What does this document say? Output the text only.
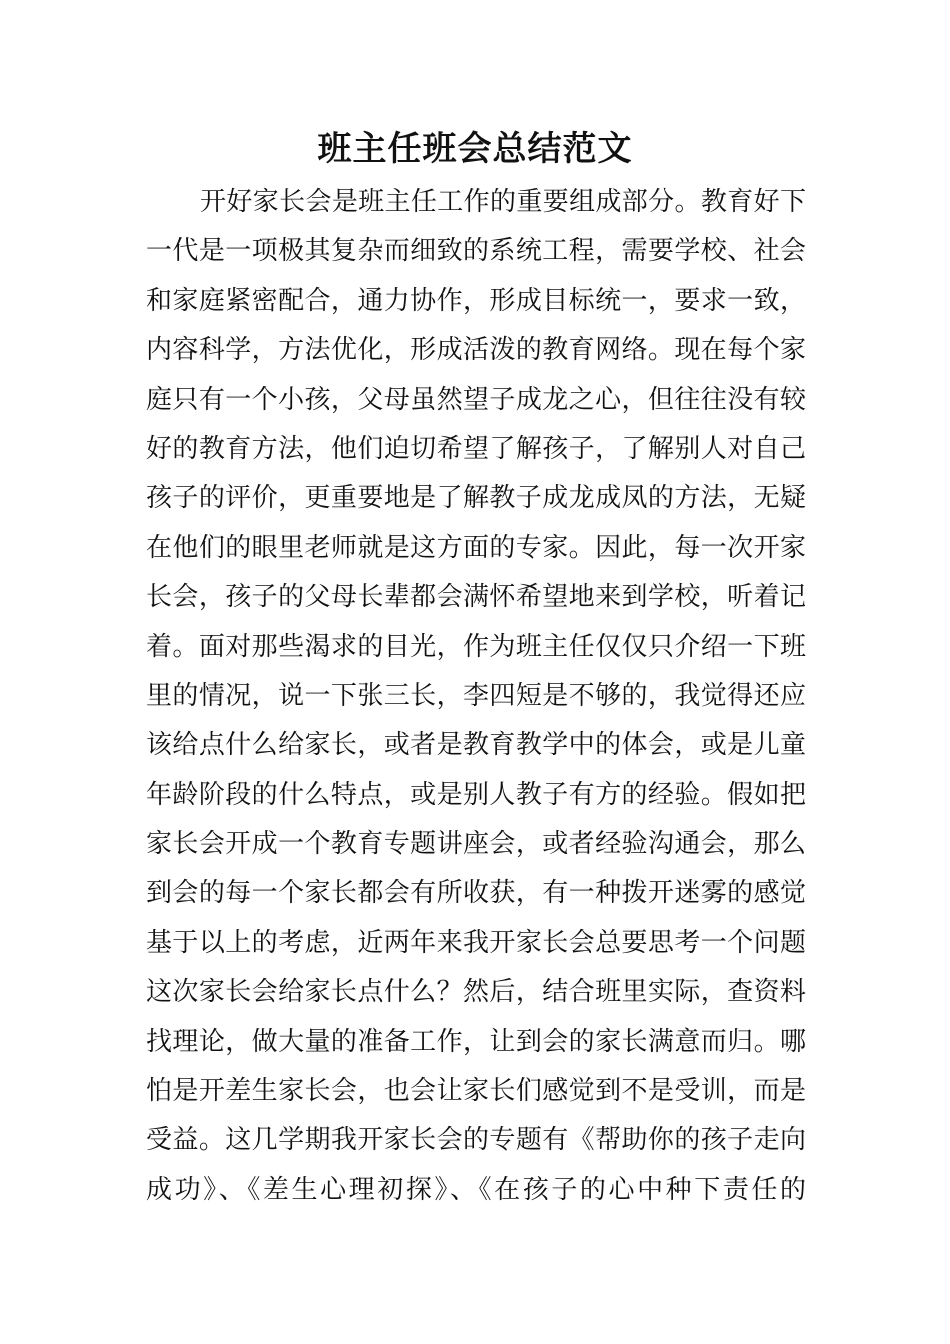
班主任班会总结范文
开好家长会是班主任工作的重要组成部分。教育好下
一代是一项极其复杂而细致的系统工程，需要学校、社会
和家庭紧密配合，通力协作，形成目标统一，要求一致，
内容科学，方法优化，形成活泼的教育网络。现在每个家
庭只有一个小孩，父母虽然望子成龙之心，但往往没有较
好的教育方法，他们迫切希望了解孩子，了解别人对自己
孩子的评价，更重要地是了解教子成龙成凤的方法，无疑
在他们的眼里老师就是这方面的专家。因此，每一次开家
长会，孩子的父母长辈都会满怀希望地来到学校，听着记
着。面对那些渴求的目光，作为班主任仅仅只介绍一下班
里的情况，说一下张三长，李四短是不够的，我觉得还应
该给点什么给家长，或者是教育教学中的体会，或是儿童
年龄阶段的什么特点，或是别人教子有方的经验。假如把
家长会开成一个教育专题讲座会，或者经验沟通会，那么
到会的每一个家长都会有所收获，有一种拨开迷雾的感觉
基于以上的考虑，近两年来我开家长会总要思考一个问题
这次家长会给家长点什么？然后，结合班里实际，查资料
找理论，做大量的准备工作，让到会的家长满意而归。哪
怕是开差生家长会，也会让家长们感觉到不是受训，而是
受益。这几学期我开家长会的专题有《帮助你的孩子走向
成功》、《差生心理初探》、《在孩子的心中种下责任的
